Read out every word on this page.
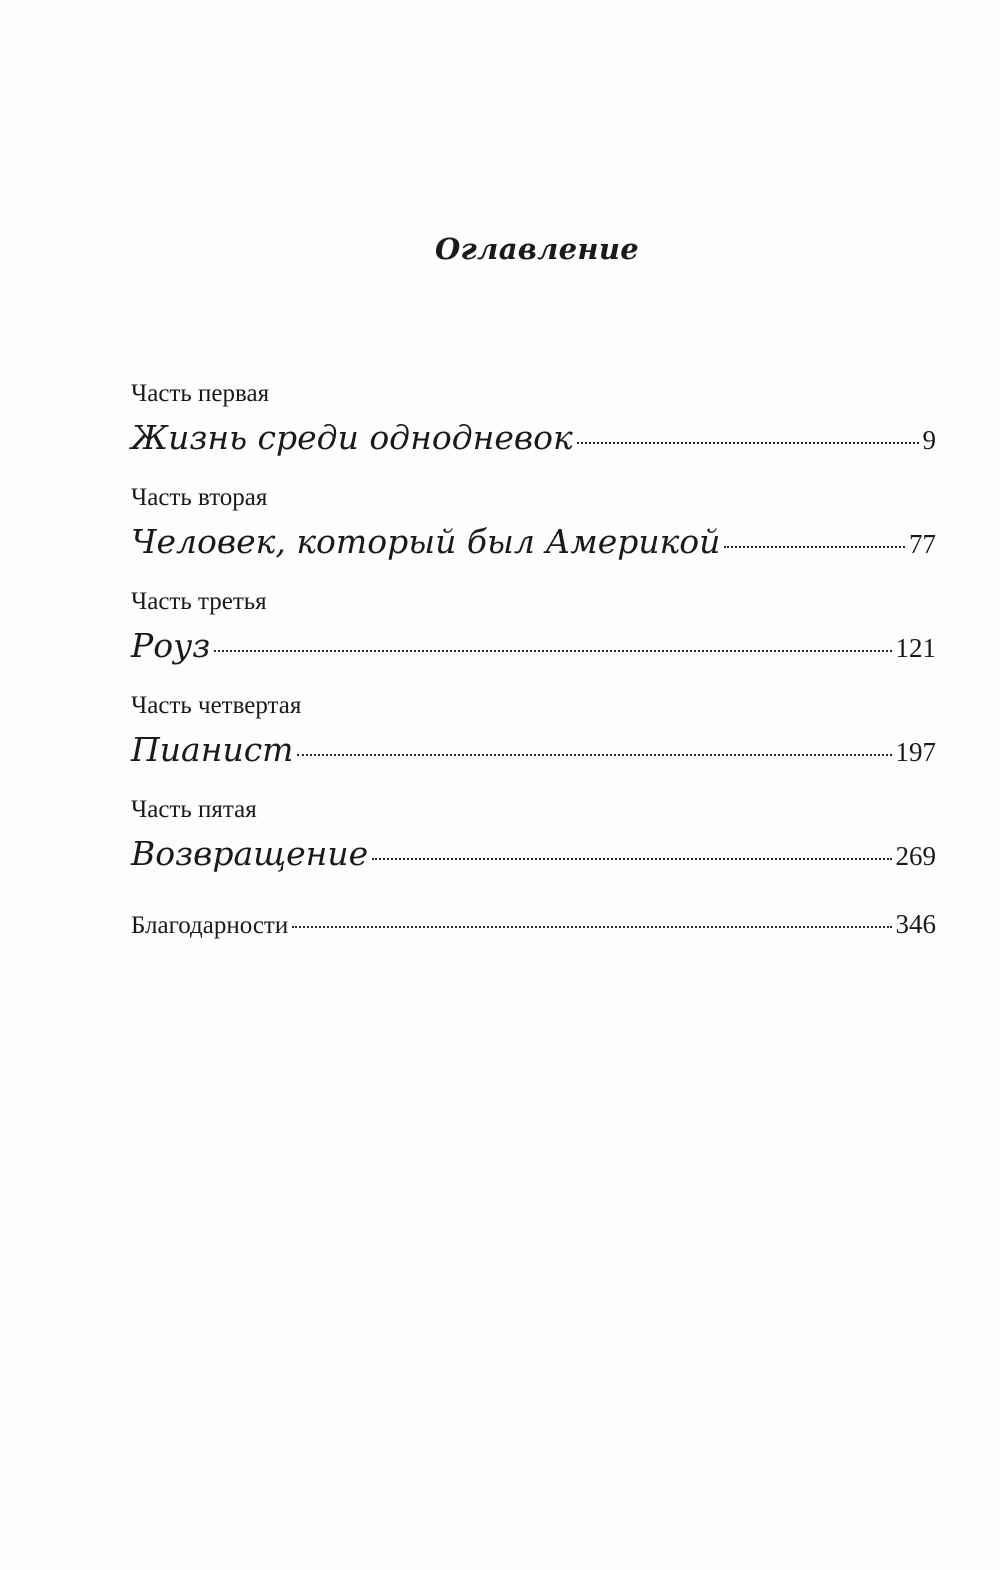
Оглавление
Часть первая
Жизнь среди однодневок	9
Часть вторая
Человек, который был Америкой	77
Часть третья
Роуз	121
Часть четвертая
Пианист	197
Часть пятая
Возвращение	269
Благодарности	346
